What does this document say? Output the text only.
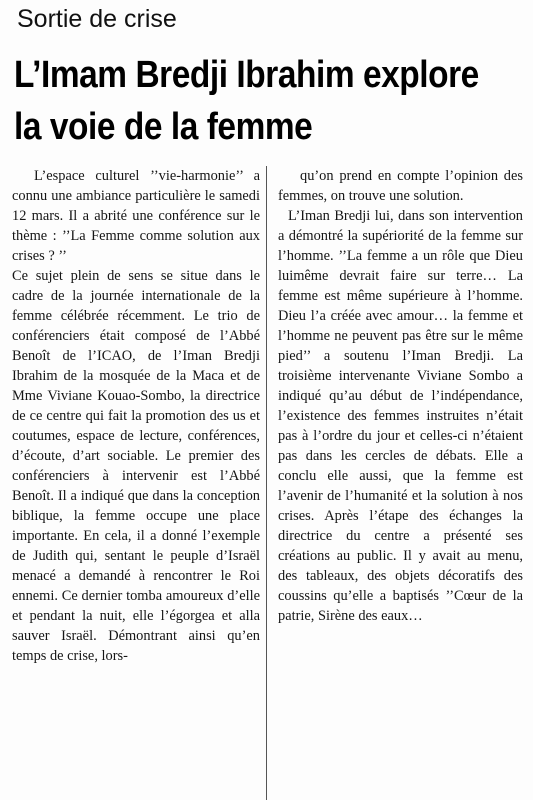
Sortie de crise
L’Imam Bredji Ibrahim explore
la voie de la femme

L’espace culturel ’’vie-harmonie’’ a connu une ambiance particulière le samedi 12 mars. Il a abrité une conférence sur le thème : ’’La Femme comme solution aux crises ? ’’

Ce sujet plein de sens se situe dans le cadre de la journée internationale de la femme célébrée récemment. Le trio de conférenciers était composé de l’Abbé Benoît de l’ICAO, de l’Iman Bredji Ibrahim de la mosquée de la Maca et de Mme Viviane Kouao-Sombo, la directrice de ce centre qui fait la promotion des us et coutumes, espace de lecture, conférences, d’écoute, d’art sociable. Le premier des conférenciers à intervenir est l’Abbé Benoît. Il a indiqué que dans la conception biblique, la femme occupe une place importante. En cela, il a donné l’exemple de Judith qui, sentant le peuple d’Israël menacé a demandé à rencontrer le Roi ennemi. Ce dernier tomba amoureux d’elle et pendant la nuit, elle l’égorgea et alla sauver Israël. Démontrant ainsi qu’en temps de crise, lors-

qu’on prend en compte l’opinion des femmes, on trouve une solution.

L’Iman Bredji lui, dans son intervention a démontré la supériorité de la femme sur l’homme. ’’La femme a un rôle que Dieu luimême devrait faire sur terre… La femme est même supérieure à l’homme. Dieu l’a créée avec amour… la femme et l’homme ne peuvent pas être sur le même pied’’ a soutenu l’Iman Bredji. La troisième intervenante Viviane Sombo a indiqué qu’au début de l’indépendance, l’existence des femmes instruites n’était pas à l’ordre du jour et celles-ci n’étaient pas dans les cercles de débats. Elle a conclu elle aussi, que la femme est l’avenir de l’humanité et la solution à nos crises. Après l’étape des échanges la directrice du centre a présenté ses créations au public. Il y avait au menu, des tableaux, des objets décoratifs des coussins qu’elle a baptisés ’’Cœur de la patrie, Sirène des eaux…
